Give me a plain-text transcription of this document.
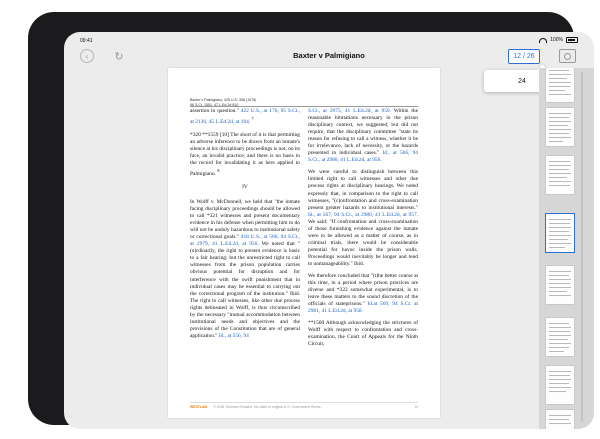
09:41	100%
‹ ↻	Baxter v Palmigiano	12 / 26
Baxter v Palmigiano, 425 U.S. 308 (1976)
96 S.Ct. 1551, 47 L.Ed.2d 810

assertion in question." 422 U.S., at 176, 95 S.Ct., at 2136, 45 L.Ed.2d, at 104. $^7$

*320 **1559 [10] The short of it is that permitting an adverse inference to be drawn from an inmate's silence at his disciplinary proceedings is not, on its face, an invalid practice; and there is no basis in the record for invalidating it as here applied to Palmigiano. $^8$

IV

In Wolff v. McDonnell, we held that "the inmate facing disciplinary proceedings should be allowed to call *321 witnesses and present documentary evidence in his defense when permitting him to do will not be unduly hazardous to institutional safety or correctional goals." 418 U.S., at 566, 94 S.Ct., at 2979, 41 L.Ed.2d, at 956. We noted that "(o)rdinarily, the right to present evidence is basic to a fair hearing; but the unrestricted right to call witnesses from the prison population carries obvious potential for disruption and for interference with the swift punishment that in individual cases may be essential to carrying out the correctional program of the institution." Ibid. The right to call witnesses, like other due process rights delineated in Wolff, is thus circumscribed by the necessary "mutual accommodation between institutional needs and objectives and the provisions of the Constitution that are of general application." Id., at 556, 94

S.Ct., at 2975, 41 L.Ed.2d, at 950. Within the reasonable limitations necessary in the prison disciplinary context, we suggested, but did not require, that the disciplinary committee "state its reason for refusing to call a witness, whether it be for irrelevance, lack of necessity, or the hazards presented in individual cases." Id., at 566, 94 S.Ct., at 2980, 41 L.Ed.2d, at 956.

We were careful to distinguish between this limited right to call witnesses and other due process rights at disciplinary hearings. We noted expressly that, in comparison to the right to call witnesses, "(c)onfrontation and cross-examination present greater hazards to institutional interests." Id., at 567, 94 S.Ct., at 2980, 41 L.Ed.2d, at 957. We said: "If confrontation and cross-examination of those furnishing evidence against the inmate were to be allowed as a matter of course, as in criminal trials, there would be considerable potential for havoc inside the prison walls. Proceedings would inevitably be longer and tend to unmanageability." Ibid.

We therefore concluded that "(t)he better course at this time, in a period where prison practices are diverse and *322 somewhat experimental, is to leave these matters to the sound discretion of the officials of stateprisons." Id.at 569, 94 S.Ct. at 2981, 41 L.Ed.2d, at 958.

**1560 Although acknowledging the strictures of Wolff with respect to confrontation and cross-examination, the Court of Appeals for the Ninth Circuit,

WESTLAW © 2018 Thomson Reuters. No claim to original U.S. Government Works.	12
24
